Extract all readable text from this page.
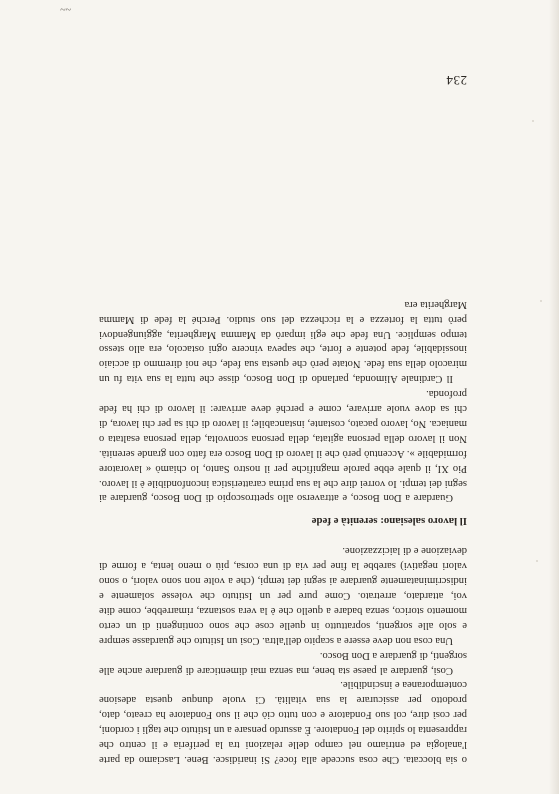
o sia bloccata. Che cosa succede alla foce? Si inaridisce. Bene. Lasciamo da parte l'analogia ed entriamo nel campo delle relazioni tra la periferia e il centro che rappresenta lo spirito del Fondatore. È assurdo pensare a un Istituto che tagli i cordoni, per così dire, col suo Fondatore e con tutto ciò che il suo Fondatore ha creato, dato, prodotto per assicurare la sua vitalità. Ci vuole dunque questa adesione contemporanea e inscindibile.

Così, guardare al paese sta bene, ma senza mai dimenticare di guardare anche alle sorgenti, di guardare a Don Bosco.

Una cosa non deve essere a scapito dell'altra. Così un Istituto che guardasse sempre e solo alle sorgenti, soprattutto in quelle cose che sono contingenti di un certo momento storico, senza badare a quello che è la vera sostanza, rimarrebbe, come dite voi, attardato, arretrato. Come pure per un Istituto che volesse solamente e indiscriminatamente guardare ai segni dei tempi, (che a volte non sono valori, o sono valori negativi) sarebbe la fine per via di una corsa, più o meno lenta, a forme di deviazione e di laicizzazione.

Il lavoro salesiano: serenità e fede

Guardare a Don Bosco, e attraverso allo spettroscopio di Don Bosco, guardare ai segni dei tempi. Io vorrei dire che la sua prima caratteristica inconfondibile è il lavoro. Pio XI, il quale ebbe parole magnifiche per il nostro Santo, lo chiamò « lavoratore formidabile ». Accentuò però che il lavoro di Don Bosco era fatto con grande serenità. Non il lavoro della persona agitata, della persona sconvolta, della persona esaltata o maniaca. No, lavoro pacato, costante, instancabile; il lavoro di chi sa per chi lavora, di chi sa dove vuole arrivare, come e perché deve arrivare: il lavoro di chi ha fede profonda.

Il Cardinale Alimonda, parlando di Don Bosco, disse che tutta la sua vita fu un miracolo della sua fede. Notate però che questa sua fede, che noi diremmo di acciaio inossidabile, fede potente e forte, che sapeva vincere ogni ostacolo, era allo stesso tempo semplice. Una fede che egli imparò da Mamma Margherita, aggiungendovi però tutta la fortezza e la ricchezza del suo studio. Perché la fede di Mamma Margherita era

234
~~
